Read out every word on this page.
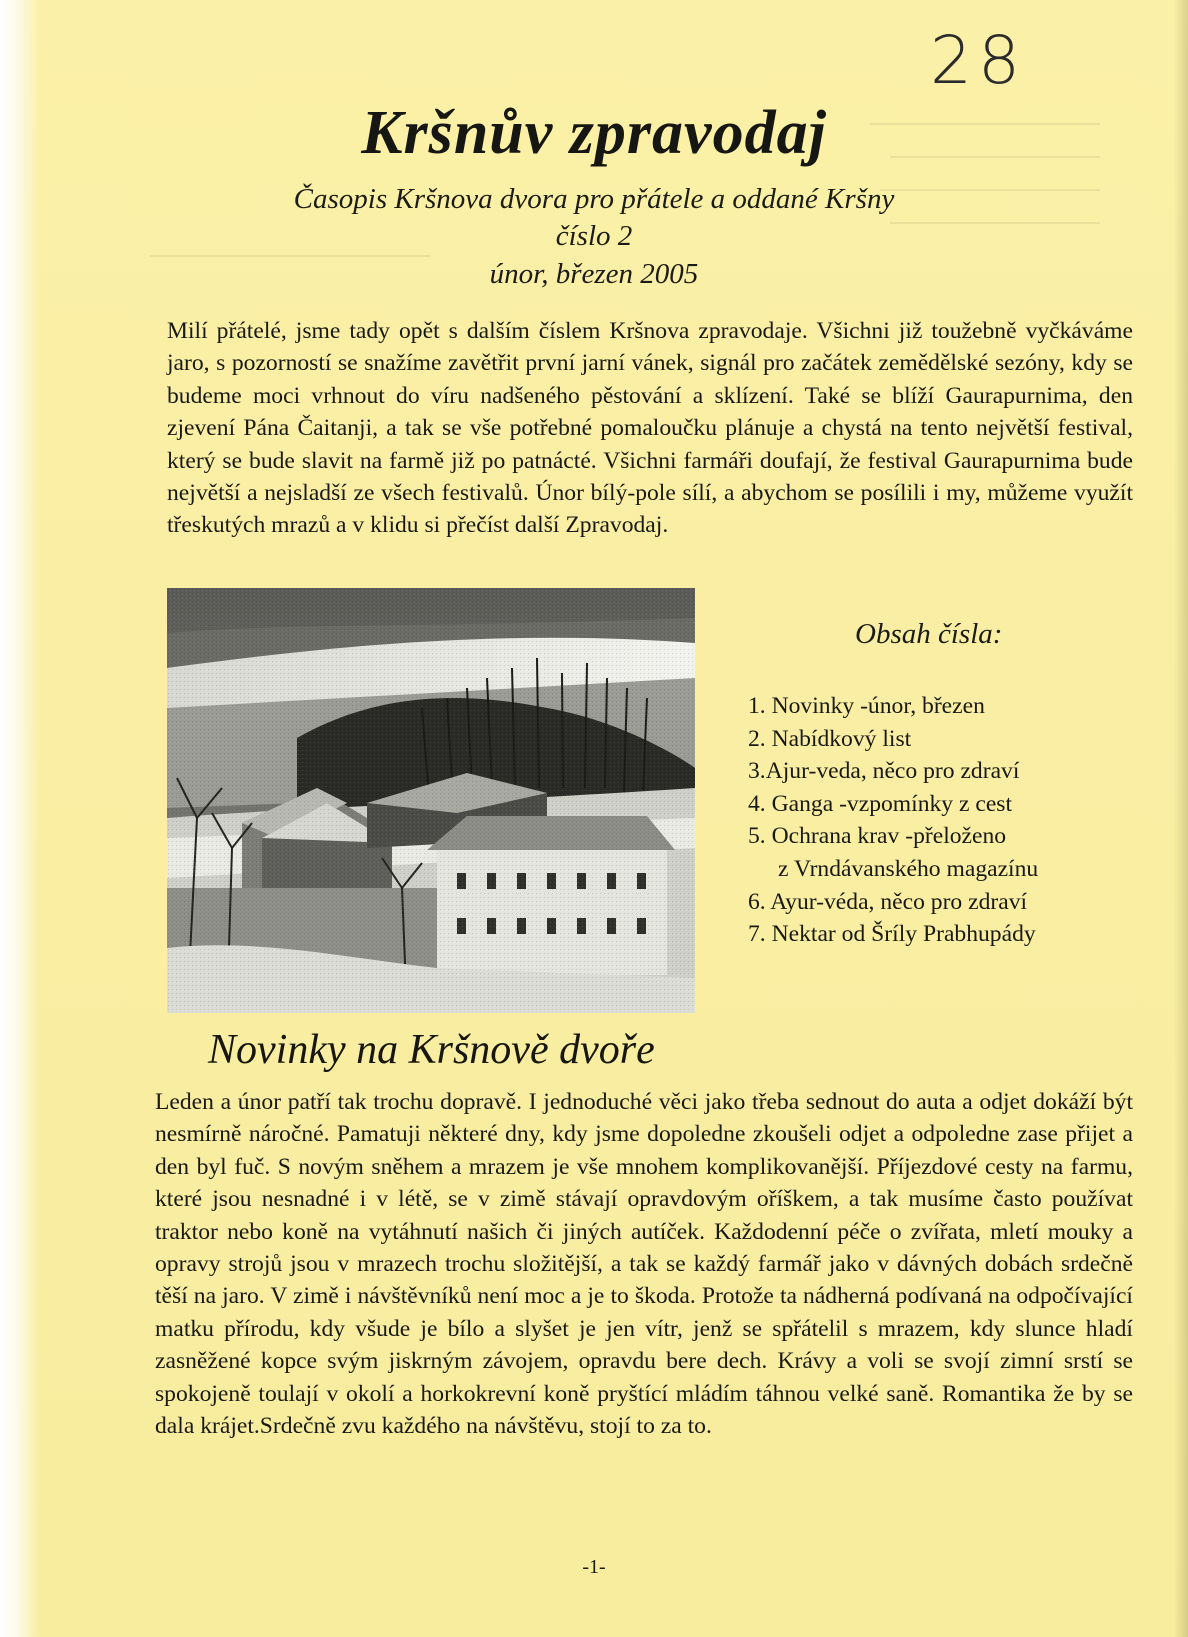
28
Kršnův zpravodaj
Časopis Kršnova dvora pro přátele a oddané Kršny
číslo 2
únor, březen 2005
Milí přátelé, jsme tady opět s dalším číslem Kršnova zpravodaje. Všichni již toužebně vyčkáváme jaro, s pozorností se snažíme zavětřit první jarní vánek, signál pro začátek zemědělské sezóny, kdy se budeme moci vrhnout do víru nadšeného pěstování a sklízení. Také se blíží Gaurapurnima, den zjevení Pána Čaitanji, a tak se vše potřebné pomaloučku plánuje a chystá na tento největší festival, který se bude slavit na farmě již po patnácté. Všichni farmáři doufají, že festival Gaurapurnima bude největší a nejsladší ze všech festivalů. Únor bílý-pole sílí, a abychom se posílili i my, můžeme využít třeskutých mrazů a v klidu si přečíst další Zpravodaj.
Obsah čísla:
1. Novinky -únor, březen
2. Nabídkový list
3.Ajur-veda, něco pro zdraví
4. Ganga -vzpomínky z cest
5. Ochrana krav -přeloženo
z Vrndávanského magazínu
6. Ayur-véda, něco pro zdraví
7. Nektar od Šríly Prabhupády
Novinky na Kršnově dvoře
Leden a únor patří tak trochu dopravě. I jednoduché věci jako třeba sednout do auta a odjet dokáží být nesmírně náročné. Pamatuji některé dny, kdy jsme dopoledne zkoušeli odjet a odpoledne zase přijet a den byl fuč. S novým sněhem a mrazem je vše mnohem komplikovanější. Příjezdové cesty na farmu, které jsou nesnadné i v létě, se v zimě stávají opravdovým oříškem, a tak musíme často používat traktor nebo koně na vytáhnutí našich či jiných autíček. Každodenní péče o zvířata, mletí mouky a opravy strojů jsou v mrazech trochu složitější, a tak se každý farmář jako v dávných dobách srdečně těší na jaro. V zimě i návštěvníků není moc a je to škoda. Protože ta nádherná podívaná na odpočívající matku přírodu, kdy všude je bílo a slyšet je jen vítr, jenž se spřátelil s mrazem, kdy slunce hladí zasněžené kopce svým jiskrným závojem, opravdu bere dech. Krávy a voli se svojí zimní srstí se spokojeně toulají v okolí a horkokrevní koně pryštící mládím táhnou velké saně. Romantika že by se dala krájet.Srdečně zvu každého na návštěvu, stojí to za to.
-1-
